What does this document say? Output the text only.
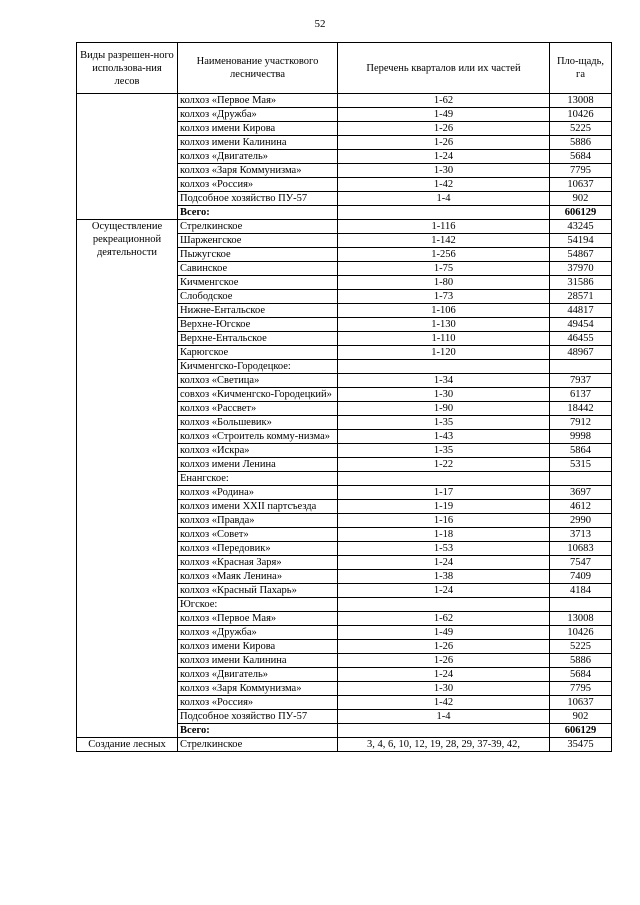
52
Виды разрешен-ного использова-ния лесов	Наименование участкового лесничества	Перечень кварталов или их частей	Пло-щадь, га
	колхоз «Первое Мая»	1-62	13008
	колхоз «Дружба»	1-49	10426
	колхоз имени Кирова	1-26	5225
	колхоз имени Калинина	1-26	5886
	колхоз «Двигатель»	1-24	5684
	колхоз «Заря Коммунизма»	1-30	7795
	колхоз «Россия»	1-42	10637
	Подсобное хозяйство ПУ-57	1-4	902
	Всего:		606129
Осуществление рекреационной деятельности	Стрелкинское	1-116	43245
	Шарженгское	1-142	54194
	Пыжугское	1-256	54867
	Савинское	1-75	37970
	Кичменгское	1-80	31586
	Слободское	1-73	28571
	Нижне-Ентальское	1-106	44817
	Верхне-Югское	1-130	49454
	Верхне-Ентальское	1-110	46455
	Карюгское	1-120	48967
	Кичменгско-Городецкое:		
	колхоз «Светица»	1-34	7937
	совхоз «Кичменгско-Городецкий»	1-30	6137
	колхоз «Рассвет»	1-90	18442
	колхоз «Большевик»	1-35	7912
	колхоз «Строитель комму-низма»	1-43	9998
	колхоз «Искра»	1-35	5864
	колхоз имени Ленина	1-22	5315
	Енангское:		
	колхоз «Родина»	1-17	3697
	колхоз имени XXII партсъезда	1-19	4612
	колхоз «Правда»	1-16	2990
	колхоз «Совет»	1-18	3713
	колхоз «Передовик»	1-53	10683
	колхоз «Красная Заря»	1-24	7547
	колхоз «Маяк Ленина»	1-38	7409
	колхоз «Красный Пахарь»	1-24	4184
	Югское:		
	колхоз «Первое Мая»	1-62	13008
	колхоз «Дружба»	1-49	10426
	колхоз имени Кирова	1-26	5225
	колхоз имени Калинина	1-26	5886
	колхоз «Двигатель»	1-24	5684
	колхоз «Заря Коммунизма»	1-30	7795
	колхоз «Россия»	1-42	10637
	Подсобное хозяйство ПУ-57	1-4	902
	Всего:		606129
Создание лесных	Стрелкинское	3, 4, 6, 10, 12, 19, 28, 29, 37-39, 42,	35475
